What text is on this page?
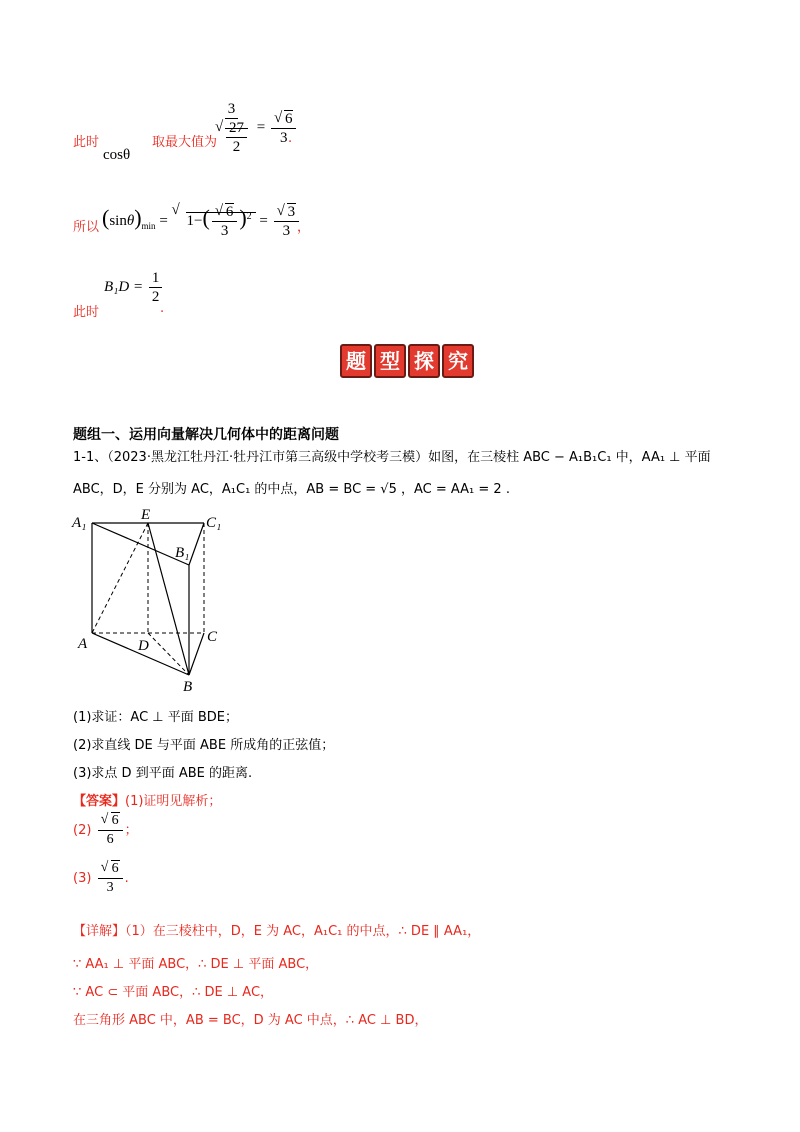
此时
cosθ
取最大值为
3
√ $\frac{27}{2}$ = √ $\frac{6}{3}$
.
所以 $(\sin\theta)_{min}$ = √ 1−( √ $\frac{6}{3} )^2$ = √ $\frac{3}{3}$
，
$B_1D = \frac{1}{2}$
此时	.
题 型 探 究
题组一、运用向量解决几何体中的距离问题
1-1、（2023·黑龙江牡丹江·牡丹江市第三高级中学校考三模）如图，在三棱柱 ABC − A₁B₁C₁ 中，AA₁ ⊥ 平面
ABC，D，E 分别为 AC，A₁C₁ 的中点，AB = BC = √5 ，AC = AA₁ = 2 .
A₁	E	C₁
B₁
A	D
C
B
(1)求证：AC ⊥ 平面 BDE；
(2)求直线 DE 与平面 ABE 所成角的正弦值；
(3)求点 D 到平面 ABE 的距离.
【答案】(1)证明见解析；
(2) √ $\frac{6}{6}$ ；
(3) √ $\frac{6}{3}$ .
【详解】（1）在三棱柱中，D，E 为 AC，A₁C₁ 的中点，∴ DE ∥ AA₁，
∵ AA₁ ⊥ 平面 ABC，∴ DE ⊥ 平面 ABC，
∵ AC ⊂ 平面 ABC，∴ DE ⊥ AC，
在三角形 ABC 中，AB = BC，D 为 AC 中点，∴ AC ⊥ BD，
